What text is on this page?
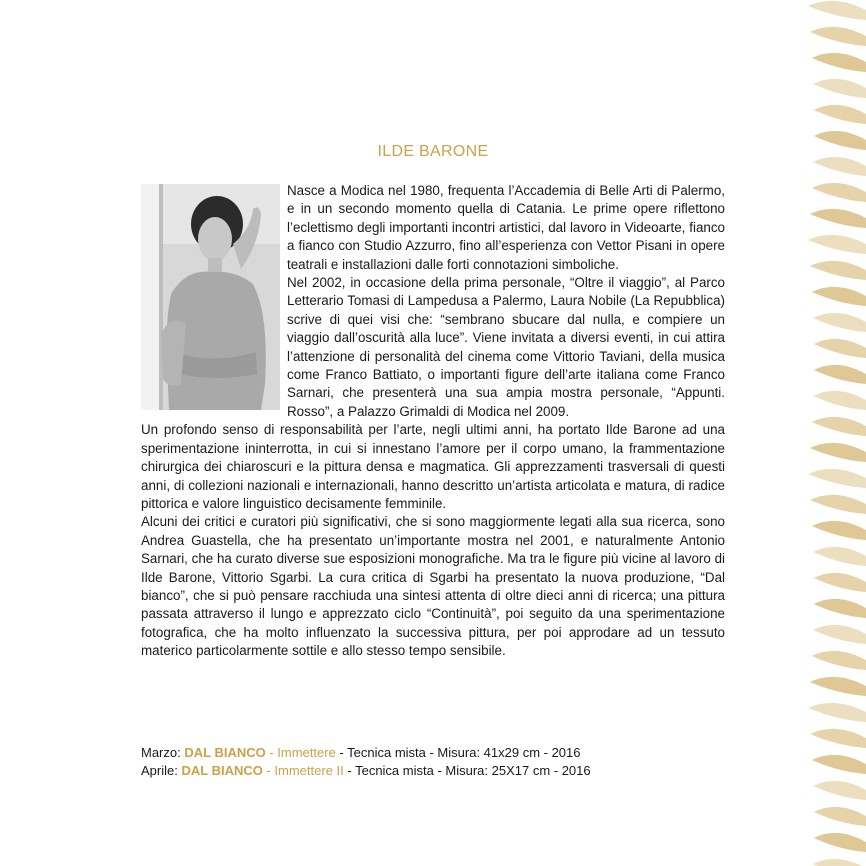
ILDE BARONE

Nasce a Modica nel 1980, frequenta l’Accademia di Belle Arti di Palermo, e in un secondo momento quella di Catania. Le prime opere riflettono l’eclettismo degli importanti incontri artistici, dal lavoro in Videoarte, fianco a fianco con Studio Azzurro, fino all’esperienza con Vettor Pisani in opere teatrali e installazioni dalle forti connotazioni simboliche.

Nel 2002, in occasione della prima personale, “Oltre il viaggio”, al Parco Letterario Tomasi di Lampedusa a Palermo, Laura Nobile (La Repubblica) scrive di quei visi che: “sembrano sbucare dal nulla, e compiere un viaggio dall’oscurità alla luce”. Viene invitata a diversi eventi, in cui attira l’attenzione di personalità del cinema come Vittorio Taviani, della musica come Franco Battiato, o importanti figure dell’arte italiana come Franco Sarnari, che presenterà una sua ampia mostra personale, “Appunti. Rosso”, a Palazzo Grimaldi di Modica nel 2009.

Un profondo senso di responsabilità per l’arte, negli ultimi anni, ha portato Ilde Barone ad una sperimentazione ininterrotta, in cui si innestano l’amore per il corpo umano, la frammentazione chirurgica dei chiaroscuri e la pittura densa e magmatica. Gli apprezzamenti trasversali di questi anni, di collezioni nazionali e internazionali, hanno descritto un’artista articolata e matura, di radice pittorica e valore linguistico decisamente femminile.

Alcuni dei critici e curatori più significativi, che si sono maggiormente legati alla sua ricerca, sono Andrea Guastella, che ha presentato un’importante mostra nel 2001, e naturalmente Antonio Sarnari, che ha curato diverse sue esposizioni monografiche. Ma tra le figure più vicine al lavoro di Ilde Barone, Vittorio Sgarbi. La cura critica di Sgarbi ha presentato la nuova produzione, “Dal bianco”, che si può pensare racchiuda una sintesi attenta di oltre dieci anni di ricerca; una pittura passata attraverso il lungo e apprezzato ciclo “Continuità”, poi seguito da una sperimentazione fotografica, che ha molto influenzato la successiva pittura, per poi approdare ad un tessuto materico particolarmente sottile e allo stesso tempo sensibile.

Marzo: DAL BIANCO - Immettere - Tecnica mista - Misura: 41x29 cm - 2016
Aprile: DAL BIANCO - Immettere II - Tecnica mista - Misura: 25X17 cm - 2016
